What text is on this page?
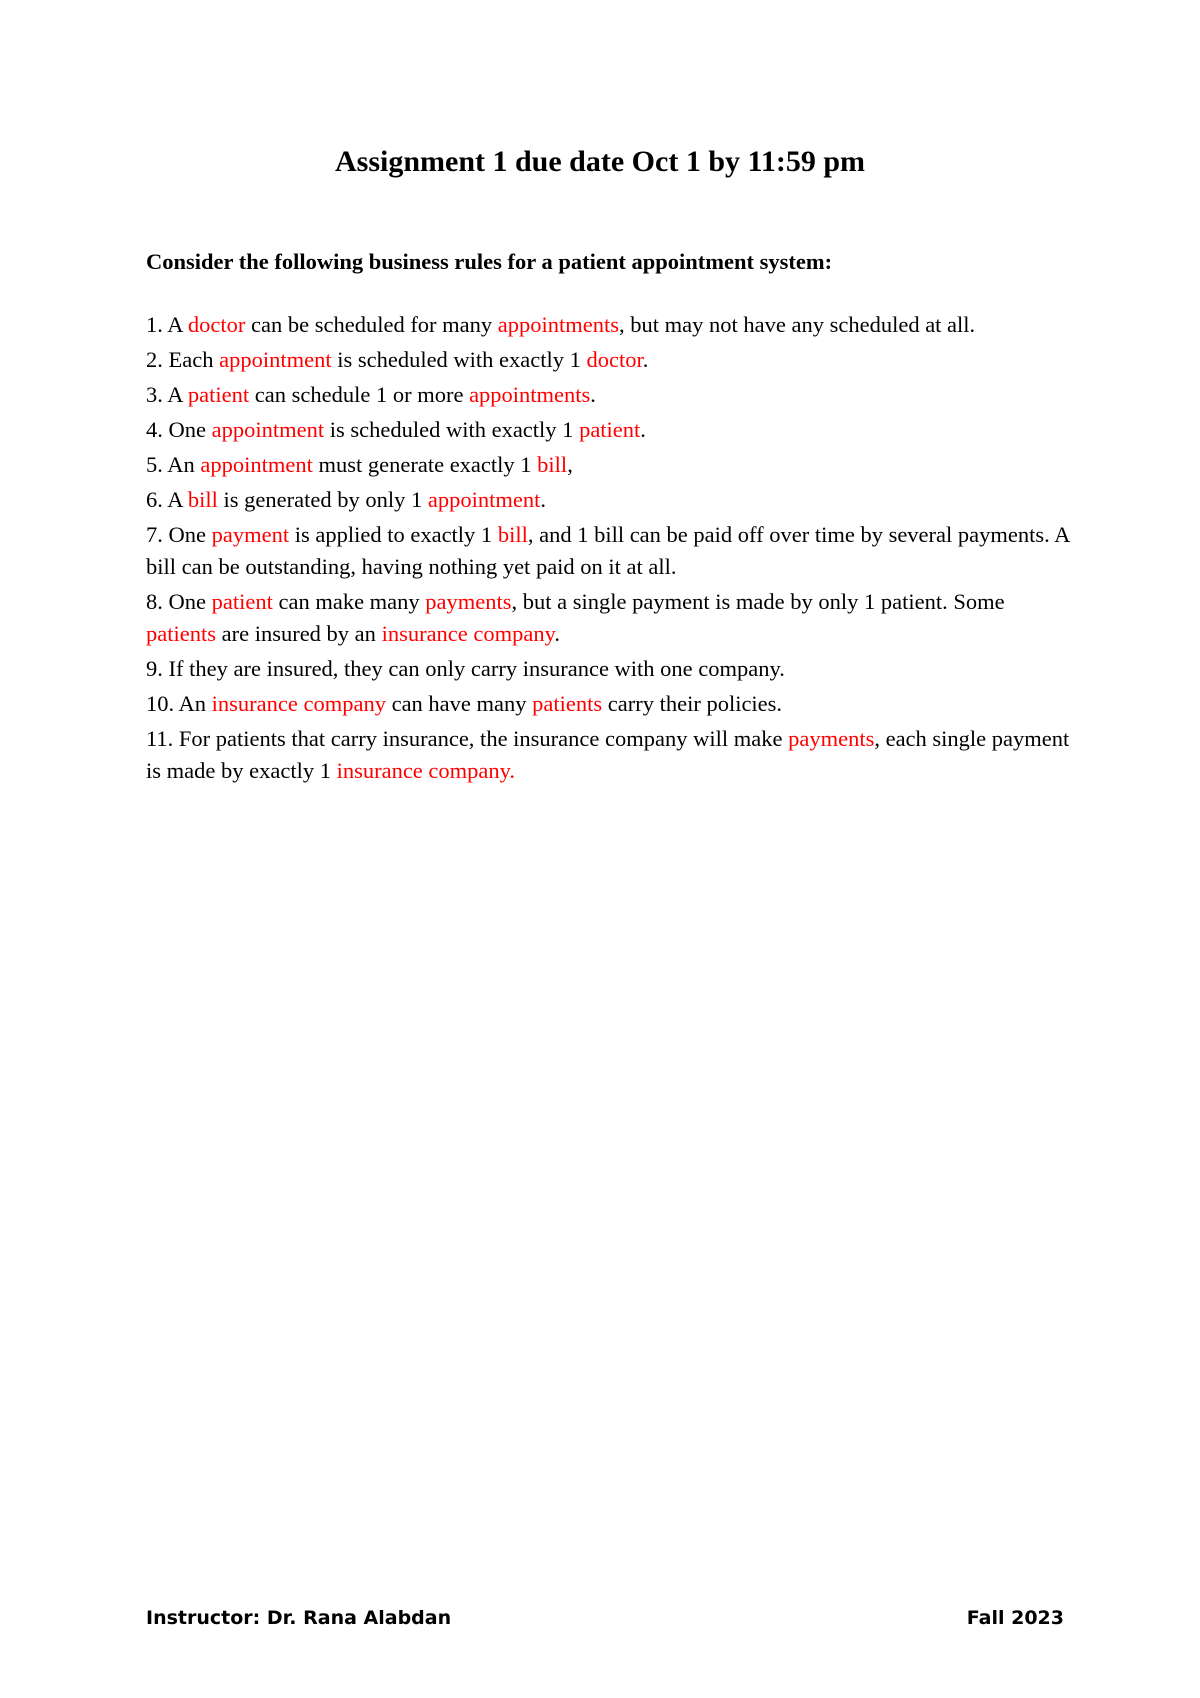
Assignment 1 due date Oct 1 by 11:59 pm

Consider the following business rules for a patient appointment system:

1. A doctor can be scheduled for many appointments, but may not have any scheduled at all.
2. Each appointment is scheduled with exactly 1 doctor.
3. A patient can schedule 1 or more appointments.
4. One appointment is scheduled with exactly 1 patient.
5. An appointment must generate exactly 1 bill,
6. A bill is generated by only 1 appointment.
7. One payment is applied to exactly 1 bill, and 1 bill can be paid off over time by several payments. A bill can be outstanding, having nothing yet paid on it at all.
8. One patient can make many payments, but a single payment is made by only 1 patient. Some patients are insured by an insurance company.
9. If they are insured, they can only carry insurance with one company.
10. An insurance company can have many patients carry their policies.
11. For patients that carry insurance, the insurance company will make payments, each single payment is made by exactly 1 insurance company.
Instructor: Dr. Rana Alabdan	Fall 2023
